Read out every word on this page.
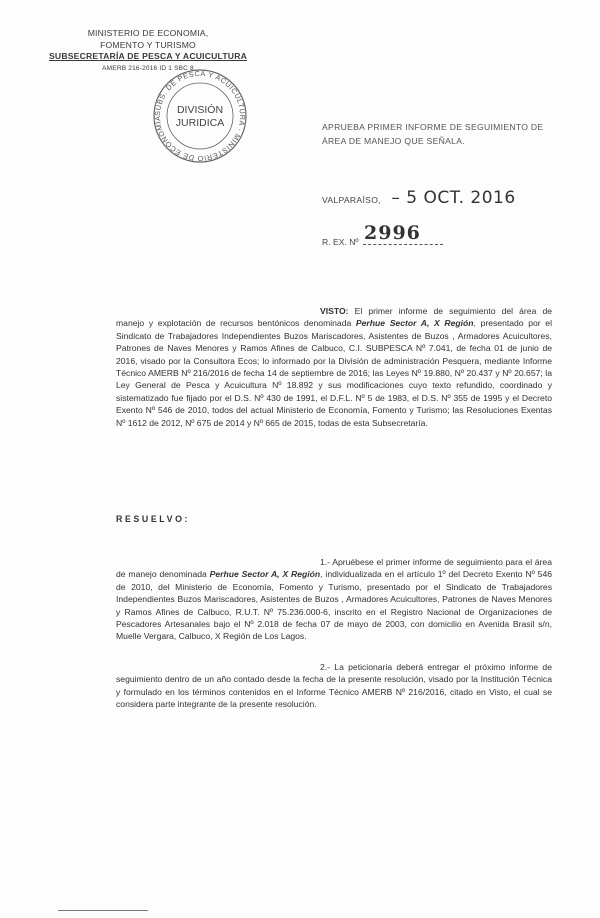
MINISTERIO DE ECONOMIA,
FOMENTO Y TURISMO
SUBSECRETARÍA DE PESCA Y ACUICULTURA
AMERB 216-2016 ID 1 SBC 8
SUBS. DE PESCA Y ACUICULTURA · MINISTERIO DE ECONOMÍA
DIVISIÓN
JURIDICA	APRUEBA PRIMER INFORME DE SEGUIMIENTO DE
ÁREA DE MANEJO QUE SEÑALA.
VALPARAÍSO, – 5 OCT. 2016
2996
R. EX. Nº
VISTO: El primer informe de seguimiento del área de manejo y explotación de recursos bentónicos denominada Perhue Sector A, X Región, presentado por el Sindicato de Trabajadores Independientes Buzos Mariscadores, Asistentes de Buzos , Armadores Acuicultores, Patrones de Naves Menores y Ramos Afines de Calbuco, C.I. SUBPESCA Nº 7.041, de fecha 01 de junio de 2016, visado por la Consultora Ecos; lo informado por la División de administración Pesquera, mediante Informe Técnico AMERB Nº 216/2016 de fecha 14 de septiembre de 2016; las Leyes Nº 19.880, Nº 20.437 y Nº 20.657; la Ley General de Pesca y Acuicultura Nº 18.892 y sus modificaciones cuyo texto refundido, coordinado y sistematizado fue fijado por el D.S. Nº 430 de 1991, el D.F.L. Nº 5 de 1983, el D.S. Nº 355 de 1995 y el Decreto Exento Nº 546 de 2010, todos del actual Ministerio de Economía, Fomento y Turismo; las Resoluciones Exentas Nº 1612 de 2012, Nº 675 de 2014 y Nº 665 de 2015, todas de esta Subsecretaría.
RESUELVO:
1.- Apruébese el primer informe de seguimiento para el área de manejo denominada Perhue Sector A, X Región, individualizada en el artículo 1º del Decreto Exento Nº 546 de 2010, del Ministerio de Economía, Fomento y Turismo, presentado por el Sindicato de Trabajadores Independientes Buzos Mariscadores, Asistentes de Buzos , Armadores Acuicultores, Patrones de Naves Menores y Ramos Afines de Calbuco, R.U.T. Nº 75.236.000-6, inscrito en el Registro Nacional de Organizaciones de Pescadores Artesanales bajo el Nº 2.018 de fecha 07 de mayo de 2003, con domicilio en Avenida Brasil s/n, Muelle Vergara, Calbuco, X Región de Los Lagos.
2.- La peticionaria deberá entregar el próximo informe de seguimiento dentro de un año contado desde la fecha de la presente resolución, visado por la Institución Técnica y formulado en los términos contenidos en el Informe Técnico AMERB Nº 216/2016, citado en Visto, el cual se considera parte integrante de la presente resolución.
